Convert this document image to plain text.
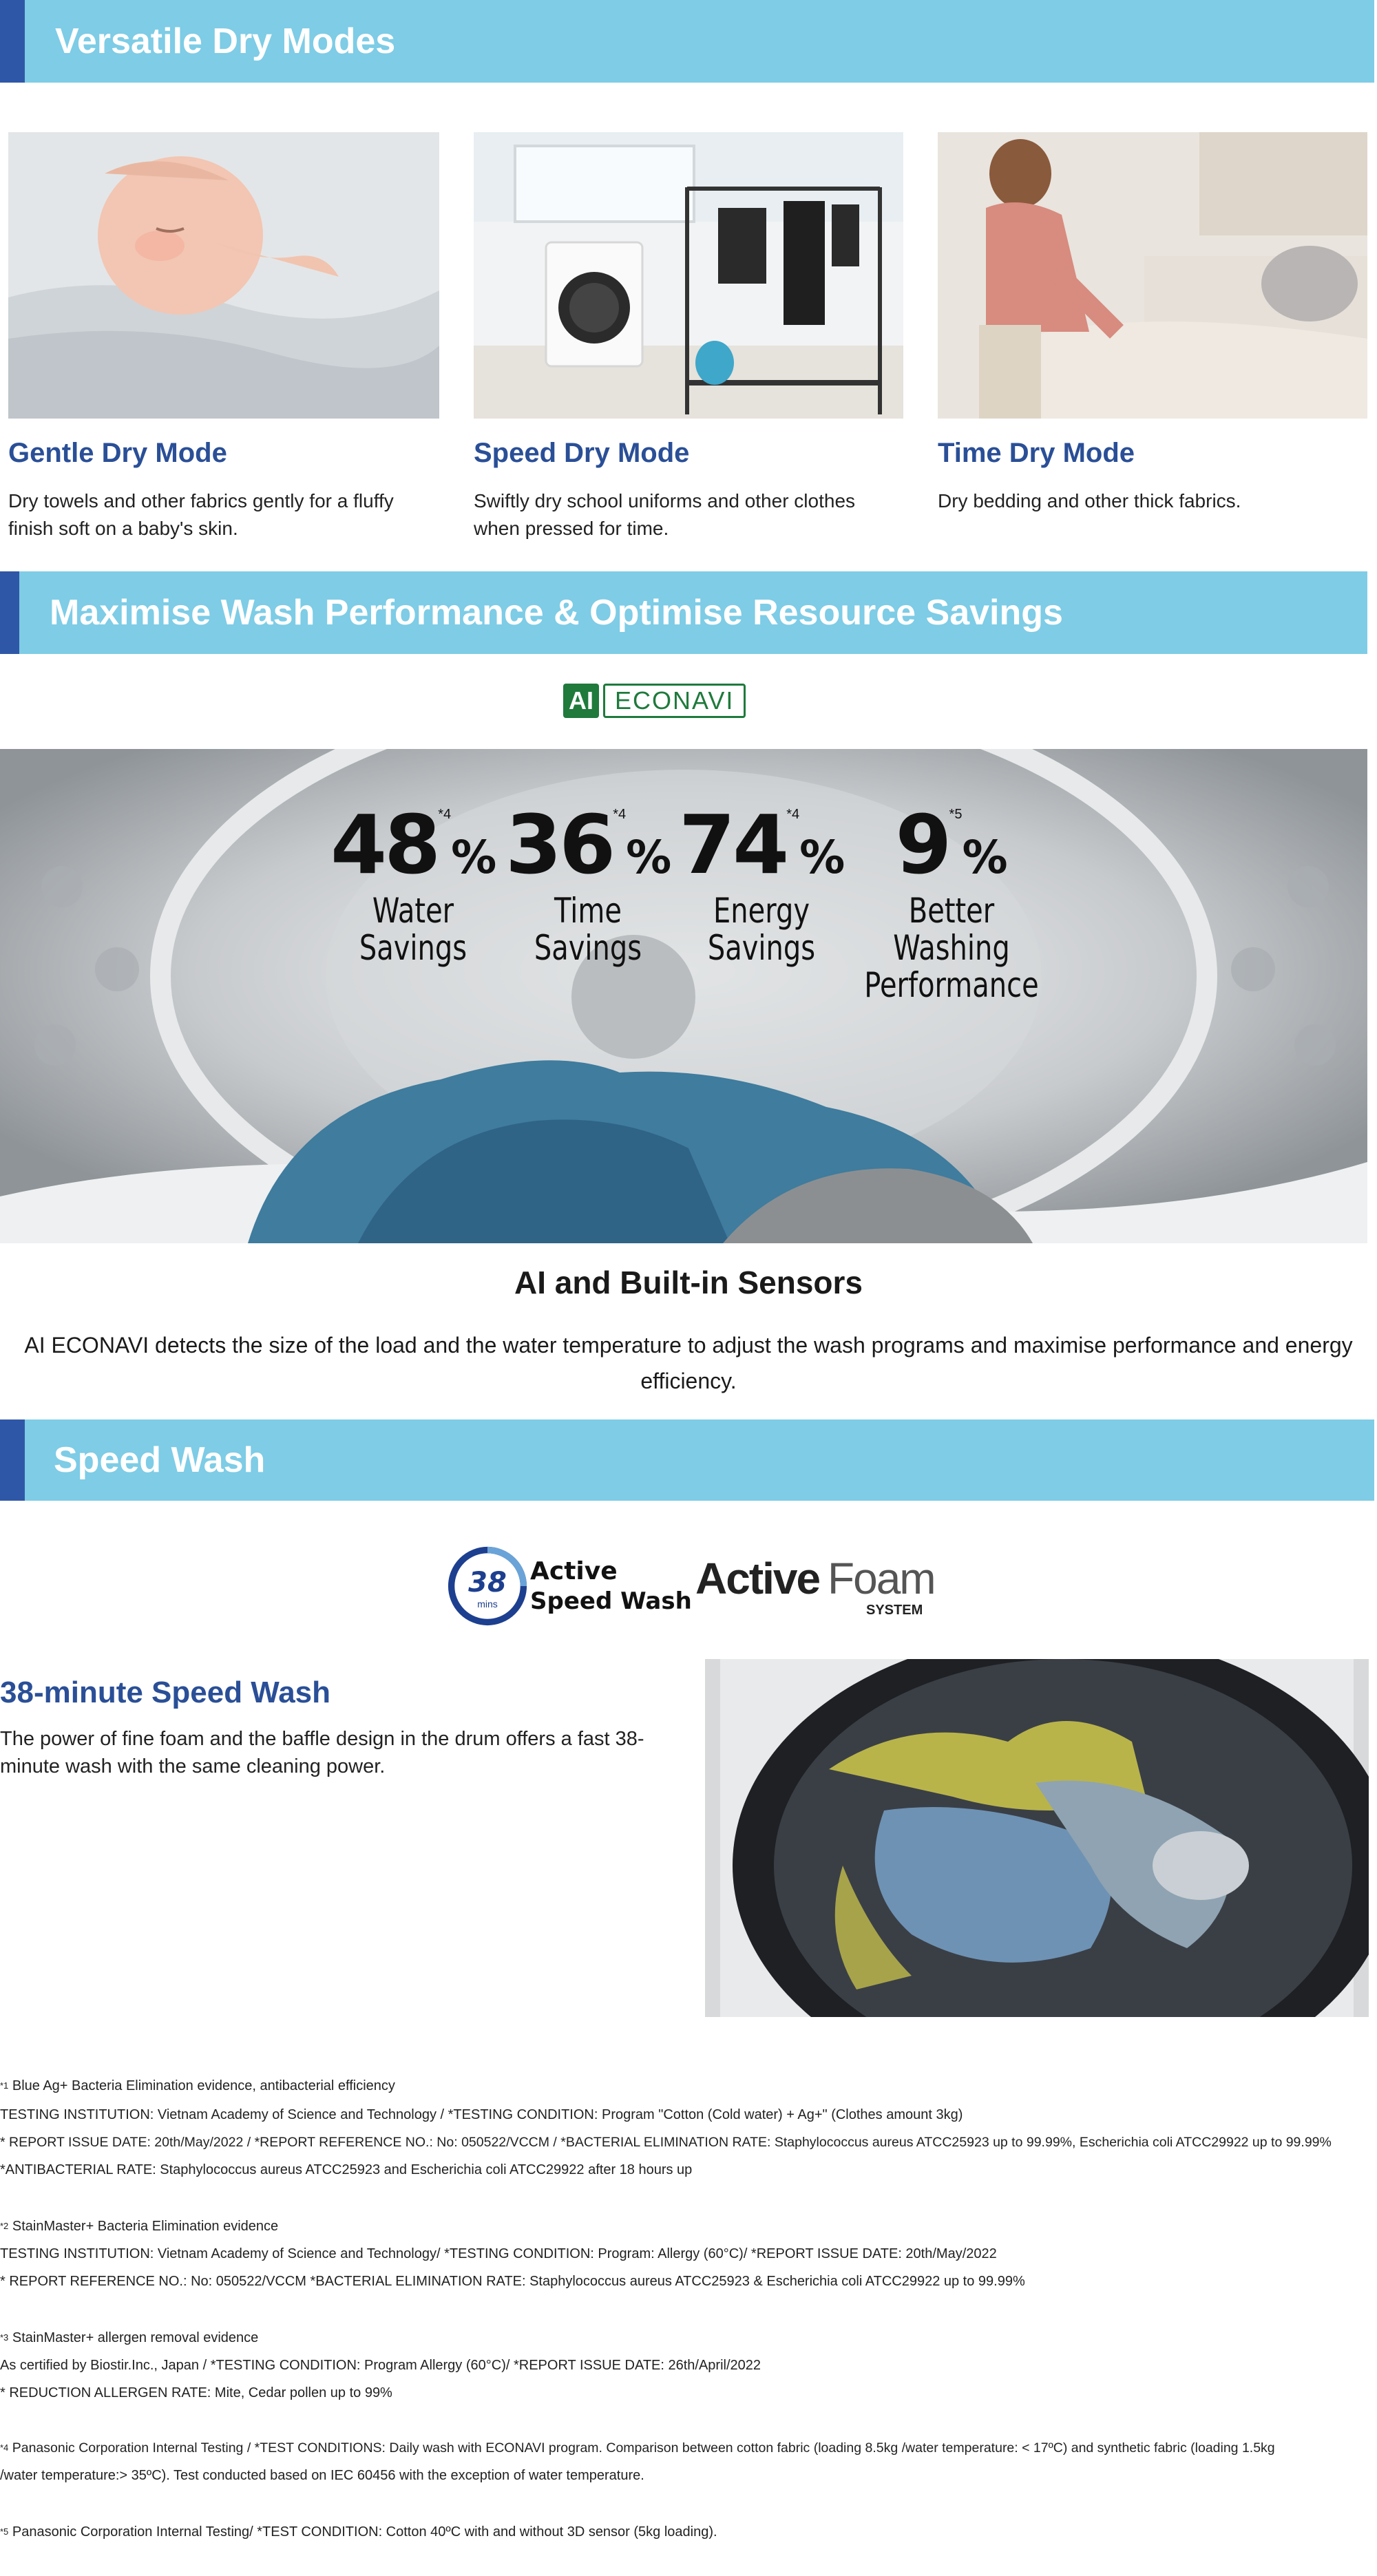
Versatile Dry Modes
Gentle Dry Mode
Dry towels and other fabrics gently for a fluffy finish soft on a baby's skin.
Speed Dry Mode
Swiftly dry school uniforms and other clothes when pressed for time.
Time Dry Mode
Dry bedding and other thick fabrics.
Maximise Wash Performance & Optimise Resource Savings
AI ECONAVI
48*4%
Water
Savings
36*4%
Time
Savings
74*4%
Energy
Savings
9*5%
Better Washing
Performance
AI and Built-in Sensors
AI ECONAVI detects the size of the load and the water temperature to adjust the wash programs and maximise performance and energy
efficiency.
Speed Wash
38
mins
Active
Speed Wash Active Foam
SYSTEM
38-minute Speed Wash
The power of fine foam and the baffle design in the drum offers a fast 38-
minute wash with the same cleaning power.
$^{*1}$ Blue Ag+ Bacteria Elimination evidence, antibacterial efficiency
TESTING INSTITUTION: Vietnam Academy of Science and Technology / *TESTING CONDITION: Program "Cotton (Cold water) + Ag+" (Clothes amount 3kg)
* REPORT ISSUE DATE: 20th/May/2022 / *REPORT REFERENCE NO.: No: 050522/VCCM / *BACTERIAL ELIMINATION RATE: Staphylococcus aureus ATCC25923 up to 99.99%, Escherichia coli ATCC29922 up to 99.99%
*ANTIBACTERIAL RATE: Staphylococcus aureus ATCC25923 and Escherichia coli ATCC29922 after 18 hours up
$^{*2}$ StainMaster+ Bacteria Elimination evidence
TESTING INSTITUTION: Vietnam Academy of Science and Technology/ *TESTING CONDITION: Program: Allergy (60°C)/ *REPORT ISSUE DATE: 20th/May/2022
* REPORT REFERENCE NO.: No: 050522/VCCM *BACTERIAL ELIMINATION RATE: Staphylococcus aureus ATCC25923 & Escherichia coli ATCC29922 up to 99.99%
$^{*3}$ StainMaster+ allergen removal evidence
As certified by Biostir.Inc., Japan / *TESTING CONDITION: Program Allergy (60°C)/ *REPORT ISSUE DATE: 26th/April/2022
* REDUCTION ALLERGEN RATE: Mite, Cedar pollen up to 99%
$^{*4}$ Panasonic Corporation Internal Testing / *TEST CONDITIONS: Daily wash with ECONAVI program. Comparison between cotton fabric (loading 8.5kg /water temperature: < 17ºC) and synthetic fabric (loading 1.5kg
/water temperature:> 35ºC). Test conducted based on IEC 60456 with the exception of water temperature.
$^{*5}$ Panasonic Corporation Internal Testing/ *TEST CONDITION: Cotton 40ºC with and without 3D sensor (5kg loading).
